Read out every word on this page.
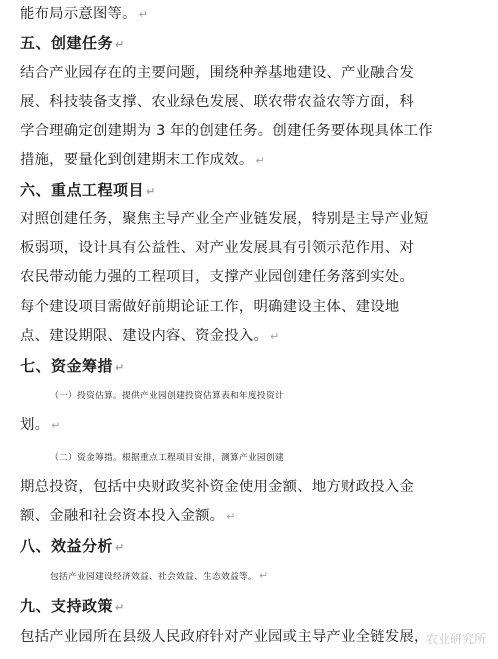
能布局示意图等。 ↵
五、创建任务 ↵
结合产业园存在的主要问题，围绕种养基地建设、产业融合发
展、科技装备支撑、农业绿色发展、联农带农益农等方面，科
学合理确定创建期为 3 年的创建任务。创建任务要体现具体工作
措施，要量化到创建期末工作成效。 ↵
六、重点工程项目 ↵
对照创建任务，聚焦主导产业全产业链发展，特别是主导产业短
板弱项，设计具有公益性、对产业发展具有引领示范作用、对
农民带动能力强的工程项目，支撑产业园创建任务落到实处。
每个建设项目需做好前期论证工作，明确建设主体、建设地
点、建设期限、建设内容、资金投入。 ↵
七、资金筹措 ↵
（一）投资估算。提供产业园创建投资估算表和年度投资计
划。 ↵
（二）资金筹措。根据重点工程项目安排，测算产业园创建
期总投资，包括中央财政奖补资金使用金额、地方财政投入金
额、金融和社会资本投入金额。 ↵
八、效益分析 ↵
包括产业园建设经济效益、社会效益、生态效益等。 ↵
九、支持政策 ↵
包括产业园所在县级人民政府针对产业园或主导产业全链发展，
农业研究所
